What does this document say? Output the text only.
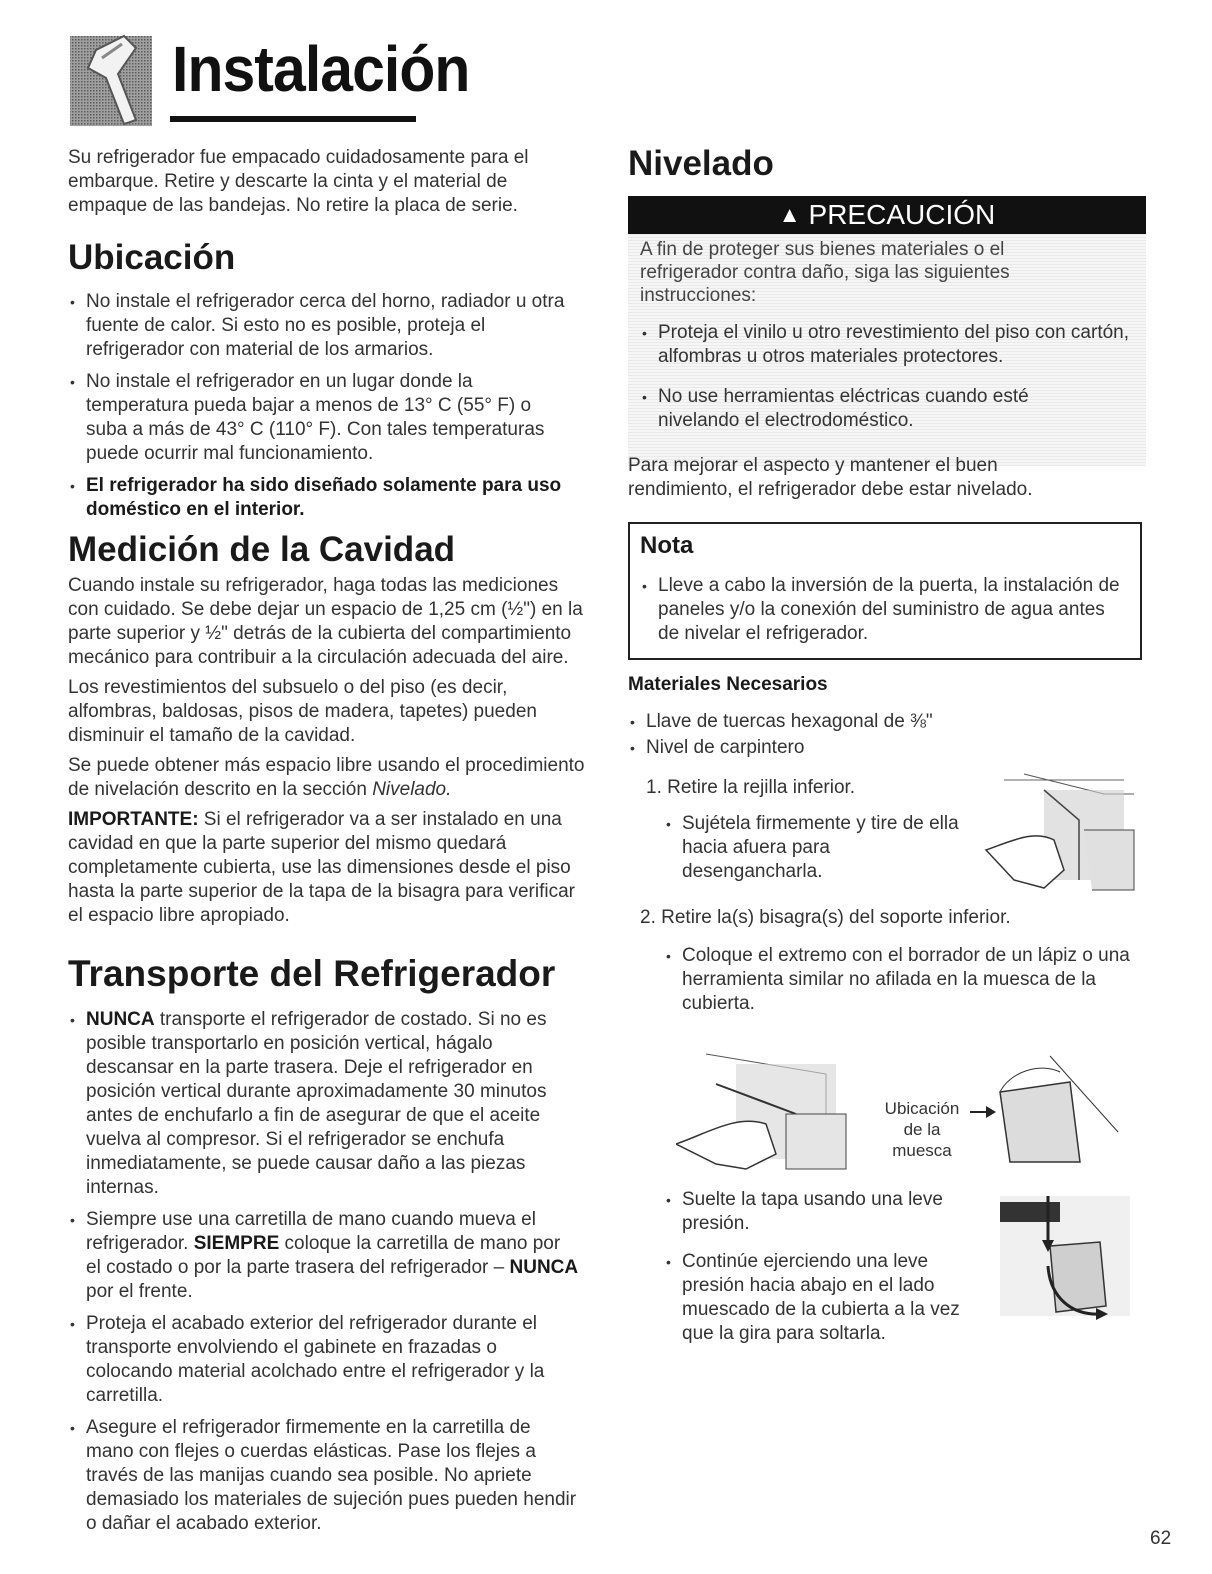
Instalación

Su refrigerador fue empacado cuidadosamente para el embarque. Retire y descarte la cinta y el material de empaque de las bandejas. No retire la placa de serie.

Ubicación
• No instale el refrigerador cerca del horno, radiador u otra fuente de calor. Si esto no es posible, proteja el refrigerador con material de los armarios.
• No instale el refrigerador en un lugar donde la temperatura pueda bajar a menos de 13° C (55° F) o suba a más de 43° C (110° F). Con tales temperaturas puede ocurrir mal funcionamiento.
• El refrigerador ha sido diseñado solamente para uso doméstico en el interior.
Medición de la Cavidad

Cuando instale su refrigerador, haga todas las mediciones con cuidado. Se debe dejar un espacio de 1,25 cm (½") en la parte superior y ½" detrás de la cubierta del compartimiento mecánico para contribuir a la circulación adecuada del aire.

Los revestimientos del subsuelo o del piso (es decir, alfombras, baldosas, pisos de madera, tapetes) pueden disminuir el tamaño de la cavidad.

Se puede obtener más espacio libre usando el procedimiento de nivelación descrito en la sección Nivelado.

IMPORTANTE: Si el refrigerador va a ser instalado en una cavidad en que la parte superior del mismo quedará completamente cubierta, use las dimensiones desde el piso hasta la parte superior de la tapa de la bisagra para verificar el espacio libre apropiado.

Transporte del Refrigerador
• NUNCA transporte el refrigerador de costado. Si no es posible transportarlo en posición vertical, hágalo descansar en la parte trasera. Deje el refrigerador en posición vertical durante aproximadamente 30 minutos antes de enchufarlo a fin de asegurar de que el aceite vuelva al compresor. Si el refrigerador se enchufa inmediatamente, se puede causar daño a las piezas internas.
• Siempre use una carretilla de mano cuando mueva el refrigerador. SIEMPRE coloque la carretilla de mano por el costado o por la parte trasera del refrigerador – NUNCA por el frente.
• Proteja el acabado exterior del refrigerador durante el transporte envolviendo el gabinete en frazadas o colocando material acolchado entre el refrigerador y la carretilla.
• Asegure el refrigerador firmemente en la carretilla de mano con flejes o cuerdas elásticas. Pase los flejes a través de las manijas cuando sea posible. No apriete demasiado los materiales de sujeción pues pueden hendir o dañar el acabado exterior.
Nivelado
▲ PRECAUCIÓN

A fin de proteger sus bienes materiales o el refrigerador contra daño, siga las siguientes instrucciones:

• Proteja el vinilo u otro revestimiento del piso con cartón, alfombras u otros materiales protectores.
• No use herramientas eléctricas cuando esté nivelando el electrodoméstico.

Para mejorar el aspecto y mantener el buen rendimiento, el refrigerador debe estar nivelado.

Nota
• Lleve a cabo la inversión de la puerta, la instalación de paneles y/o la conexión del suministro de agua antes de nivelar el refrigerador.
Materiales Necesarios
• Llave de tuercas hexagonal de ⅜"
• Nivel de carpintero
1. Retire la rejilla inferior.
• Sujétela firmemente y tire de ella hacia afuera para desengancharla.
2. Retire la(s) bisagra(s) del soporte inferior.
• Coloque el extremo con el borrador de un lápiz o una herramienta similar no afilada en la muesca de la cubierta.
Ubicación
de la
muesca
• Suelte la tapa usando una leve presión.
• Continúe ejerciendo una leve presión hacia abajo en el lado muescado de la cubierta a la vez que la gira para soltarla.
62
